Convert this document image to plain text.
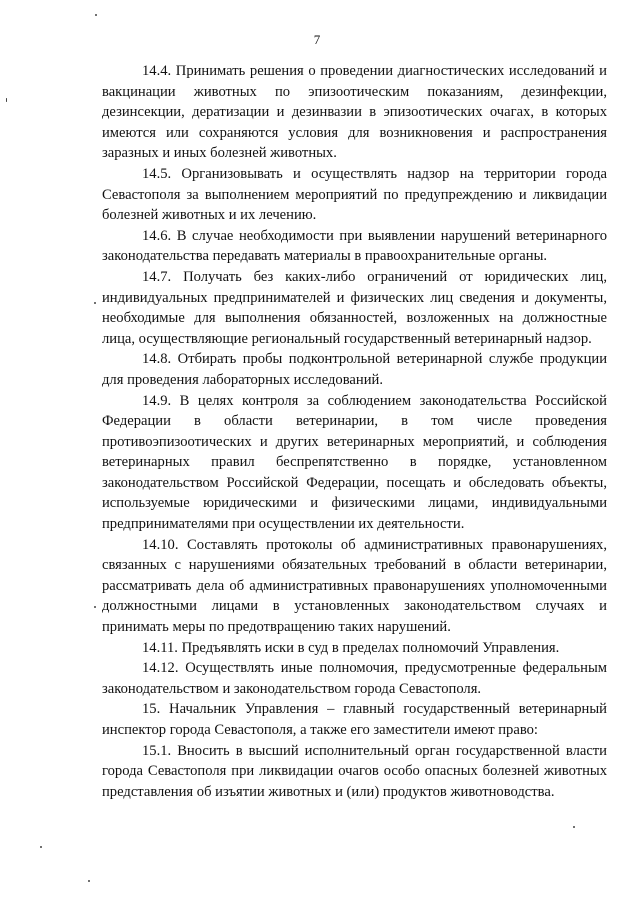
7

14.4. Принимать решения о проведении диагностических исследований и вакцинации животных по эпизоотическим показаниям, дезинфекции, дезинсекции, дератизации и дезинвазии в эпизоотических очагах, в которых имеются или сохраняются условия для возникновения и распространения заразных и иных болезней животных.

14.5. Организовывать и осуществлять надзор на территории города Севастополя за выполнением мероприятий по предупреждению и ликвидации болезней животных и их лечению.

14.6. В случае необходимости при выявлении нарушений ветеринарного законодательства передавать материалы в правоохранительные органы.

14.7. Получать без каких-либо ограничений от юридических лиц, индивидуальных предпринимателей и физических лиц сведения и документы, необходимые для выполнения обязанностей, возложенных на должностные лица, осуществляющие региональный государственный ветеринарный надзор.

14.8. Отбирать пробы подконтрольной ветеринарной службе продукции для проведения лабораторных исследований.

14.9. В целях контроля за соблюдением законодательства Российской Федерации в области ветеринарии, в том числе проведения противоэпизоотических и других ветеринарных мероприятий, и соблюдения ветеринарных правил беспрепятственно в порядке, установленном законодательством Российской Федерации, посещать и обследовать объекты, используемые юридическими и физическими лицами, индивидуальными предпринимателями при осуществлении их деятельности.

14.10. Составлять протоколы об административных правонарушениях, связанных с нарушениями обязательных требований в области ветеринарии, рассматривать дела об административных правонарушениях уполномоченными должностными лицами в установленных законодательством случаях и принимать меры по предотвращению таких нарушений.

14.11. Предъявлять иски в суд в пределах полномочий Управления.

14.12. Осуществлять иные полномочия, предусмотренные федеральным законодательством и законодательством города Севастополя.

15. Начальник Управления – главный государственный ветеринарный инспектор города Севастополя, а также его заместители имеют право:

15.1. Вносить в высший исполнительный орган государственной власти города Севастополя при ликвидации очагов особо опасных болезней животных представления об изъятии животных и (или) продуктов животноводства.
